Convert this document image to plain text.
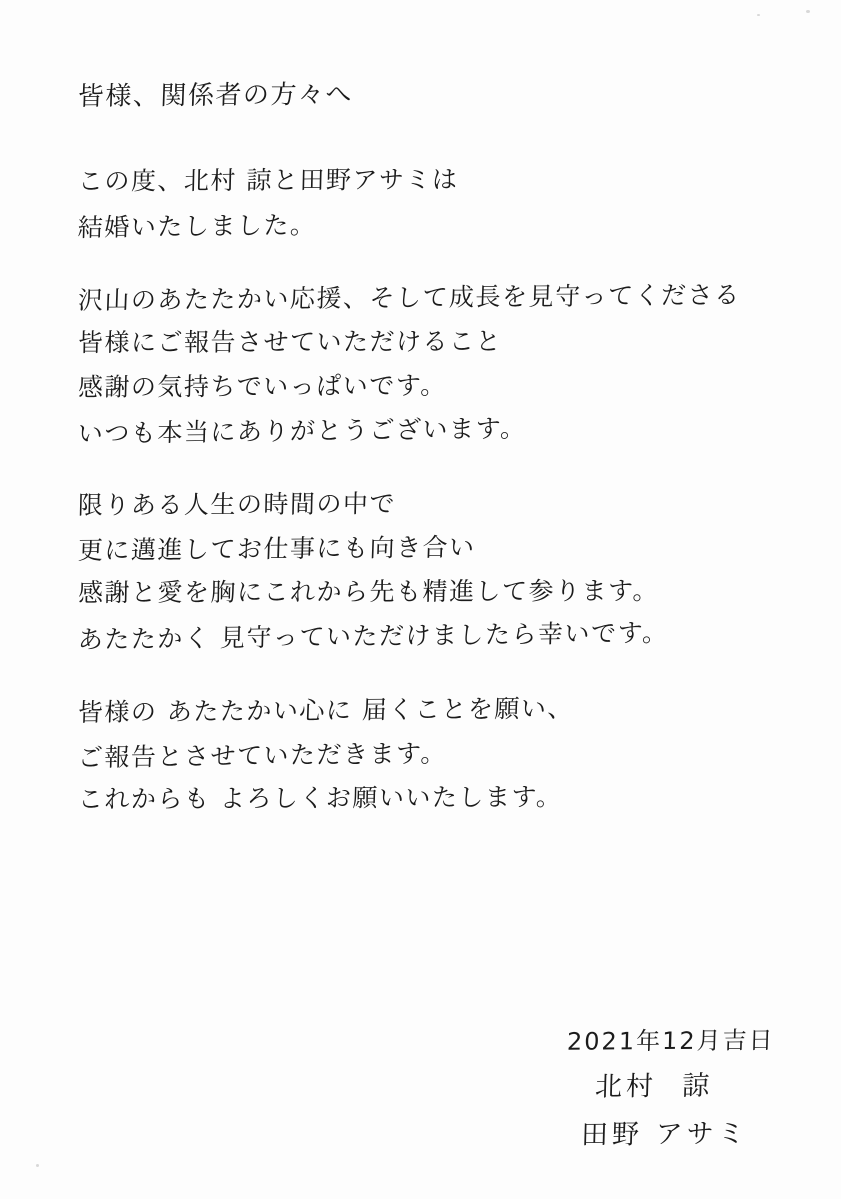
皆様、関係者の方々へ
この度、北村 諒と田野アサミは
結婚いたしました。
沢山のあたたかい応援、そして成長を見守ってくださる
皆様にご報告させていただけること
感謝の気持ちでいっぱいです。
いつも本当にありがとうございます。
限りある人生の時間の中で
更に邁進してお仕事にも向き合い
感謝と愛を胸にこれから先も精進して参ります。
あたたかく 見守っていただけましたら幸いです。
皆様の あたたかい心に 届くことを願い、
ご報告とさせていただきます。
これからも よろしくお願いいたします。
2021年12月吉日
北村  諒
田野 アサミ
